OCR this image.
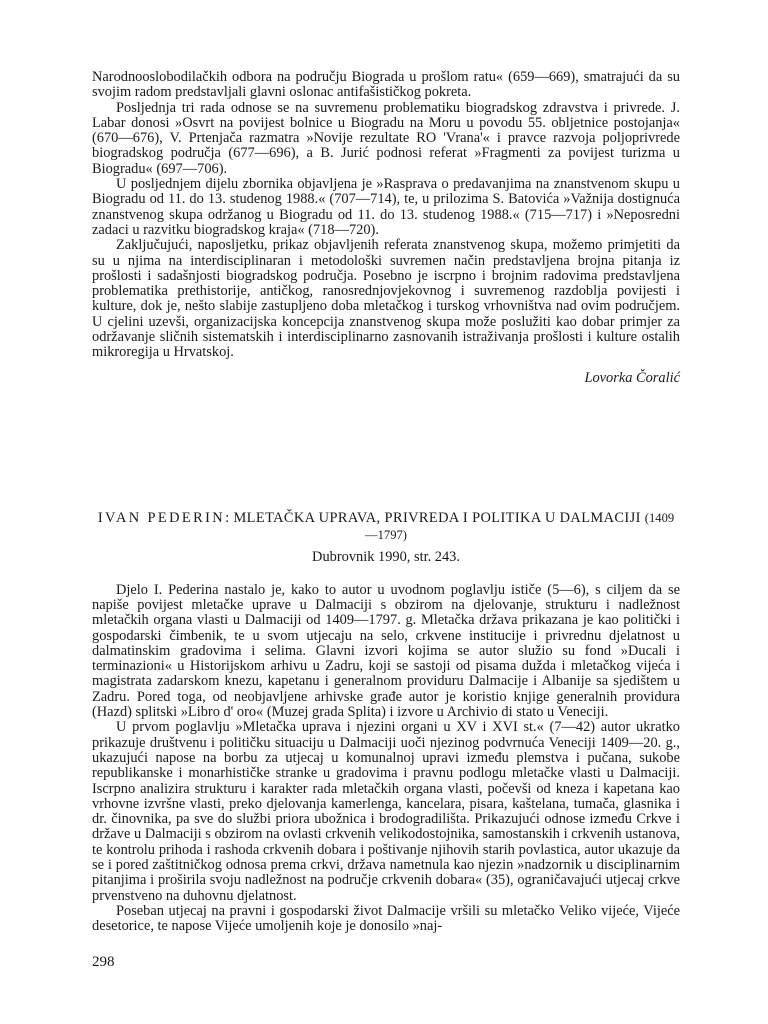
Narodnooslobodilačkih odbora na području Biograda u prošlom ratu« (659—669), smatrajući da su svojim radom predstavljali glavni oslonac antifašističkog pokreta.

Posljednja tri rada odnose se na suvremenu problematiku biogradskog zdravstva i privrede. J. Labar donosi »Osvrt na povijest bolnice u Biogradu na Moru u povodu 55. obljetnice postojanja« (670—676), V. Prtenjača razmatra »Novije rezultate RO 'Vrana'« i pravce razvoja poljoprivrede biogradskog područja (677—696), a B. Jurić podnosi referat »Fragmenti za povijest turizma u Biogradu« (697—706).

U posljednjem dijelu zbornika objavljena je »Rasprava o predavanjima na znanstvenom skupu u Biogradu od 11. do 13. studenog 1988.« (707—714), te, u prilozima S. Batovića »Važnija dostignuća znanstvenog skupa održanog u Biogradu od 11. do 13. studenog 1988.« (715—717) i »Neposredni zadaci u razvitku biogradskog kraja« (718—720).

Zaključujući, naposljetku, prikaz objavljenih referata znanstvenog skupa, možemo primjetiti da su u njima na interdisciplinaran i metodološki suvremen način predstavljena brojna pitanja iz prošlosti i sadašnjosti biogradskog područja. Posebno je iscrpno i brojnim radovima predstavljena problematika prethistorije, antičkog, ranosrednjovjekovnog i suvremenog razdoblja povijesti i kulture, dok je, nešto slabije zastupljeno doba mletačkog i turskog vrhovništva nad ovim područjem. U cjelini uzevši, organizacijska koncepcija znanstvenog skupa može poslužiti kao dobar primjer za održavanje sličnih sistematskih i interdisciplinarno zasnovanih istraživanja prošlosti i kulture ostalih mikroregija u Hrvatskoj.

Lovorka Čoralić

IVAN PEDERIN: MLETAČKA UPRAVA, PRIVREDA I POLITIKA U DALMACIJI (1409—1797)
Dubrovnik 1990, str. 243.

Djelo I. Pederina nastalo je, kako to autor u uvodnom poglavlju ističe (5—6), s ciljem da se napiše povijest mletačke uprave u Dalmaciji s obzirom na djelovanje, strukturu i nadležnost mletačkih organa vlasti u Dalmaciji od 1409—1797. g. Mletačka država prikazana je kao politički i gospodarski čimbenik, te u svom utjecaju na selo, crkvene institucije i privrednu djelatnost u dalmatinskim gradovima i selima. Glavni izvori kojima se autor služio su fond »Ducali i terminazioni« u Historijskom arhivu u Zadru, koji se sastoji od pisama dužda i mletačkog vijeća i magistrata zadarskom knezu, kapetanu i generalnom providuru Dalmacije i Albanije sa sjedištem u Zadru. Pored toga, od neobjavljene arhivske građe autor je koristio knjige generalnih providura (Hazd) splitski »Libro d' oro« (Muzej grada Splita) i izvore u Archivio di stato u Veneciji.

U prvom poglavlju »Mletačka uprava i njezini organi u XV i XVI st.« (7—42) autor ukratko prikazuje društvenu i političku situaciju u Dalmaciji uoči njezinog podvrnuća Veneciji 1409—20. g., ukazujući napose na borbu za utjecaj u komunalnoj upravi između plemstva i pučana, sukobe republikanske i monarhističke stranke u gradovima i pravnu podlogu mletačke vlasti u Dalmaciji. Iscrpno analizira strukturu i karakter rada mletačkih organa vlasti, počevši od kneza i kapetana kao vrhovne izvršne vlasti, preko djelovanja kamerlenga, kancelara, pisara, kaštelana, tumača, glasnika i dr. činovnika, pa sve do službi priora ubožnica i brodogradilišta. Prikazujući odnose između Crkve i države u Dalmaciji s obzirom na ovlasti crkvenih velikodostojnika, samostanskih i crkvenih ustanova, te kontrolu prihoda i rashoda crkvenih dobara i poštivanje njihovih starih povlastica, autor ukazuje da se i pored zaštitničkog odnosa prema crkvi, država nametnula kao njezin »nadzornik u disciplinarnim pitanjima i proširila svoju nadležnost na područje crkvenih dobara« (35), ograničavajući utjecaj crkve prvenstveno na duhovnu djelatnost.

Poseban utjecaj na pravni i gospodarski život Dalmacije vršili su mletačko Veliko vijeće, Vijeće desetorice, te napose Vijeće umoljenih koje je donosilo »naj-

298
